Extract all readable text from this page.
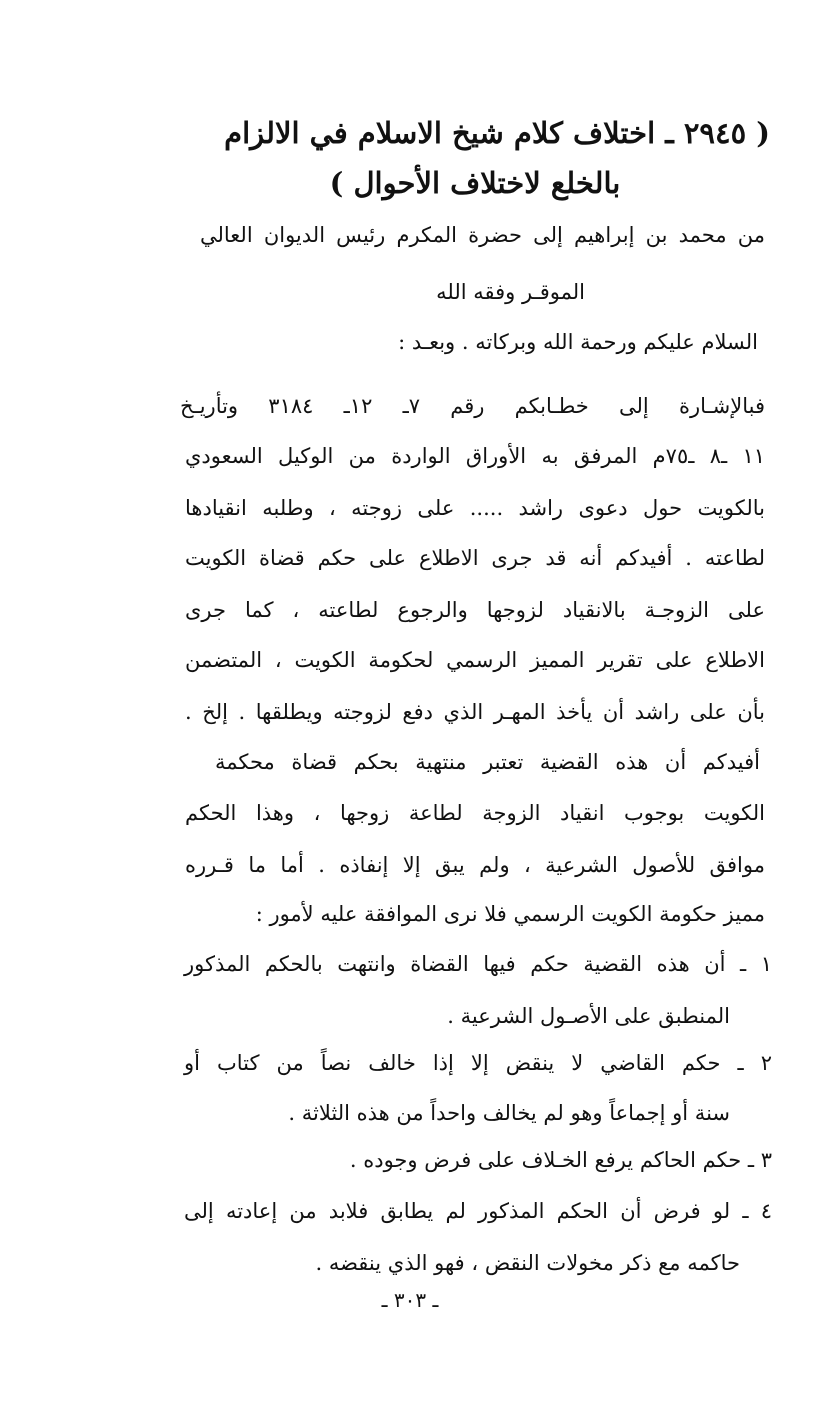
( ٢٩٤٥ ـ اختلاف كلام شيخ الاسلام في الالزام
بالخلع لاختلاف الأحوال )
من محمد بن إبراهيم إلى حضرة المكرم رئيس الديوان العالي
الموقـر وفقه الله
السلام عليكم ورحمة الله وبركاته . وبعـد :
فبالإشـارة إلى خطـابكم رقم ٧ـ ١٢ـ ٣١٨٤ وتأريـخ
١١ ـ٨ ـ٧٥م المرفق به الأوراق الواردة من الوكيل السعودي
بالكويت حول دعوى راشد ..... على زوجته ، وطلبه انقيادها
لطاعته . أفيدكم أنه قد جرى الاطلاع على حكم قضاة الكويت
على الزوجـة بالانقياد لزوجها والرجوع لطاعته ، كما جرى
الاطلاع على تقرير المميز الرسمي لحكومة الكويت ، المتضمن
بأن على راشد أن يأخذ المهـر الذي دفع لزوجته ويطلقها . إلخ .
أفيدكم أن هذه القضية تعتبر منتهية بحكم قضاة محكمة
الكويت بوجوب انقياد الزوجة لطاعة زوجها ، وهذا الحكم
موافق للأصول الشرعية ، ولم يبق إلا إنفاذه . أما ما قـرره
مميز حكومة الكويت الرسمي فلا نرى الموافقة عليه لأمور :
١ ـ أن هذه القضية حكم فيها القضاة وانتهت بالحكم المذكور
المنطبق على الأصـول الشرعية .
٢ ـ حكم القاضي لا ينقض إلا إذا خالف نصاً من كتاب أو
سنة أو إجماعاً وهو لم يخالف واحداً من هذه الثلاثة .
٣ ـ حكم الحاكم يرفع الخـلاف على فرض وجوده .
٤ ـ لو فرض أن الحكم المذكور لم يطابق فلابد من إعادته إلى
حاكمه مع ذكر مخولات النقض ، فهو الذي ينقضه .
ـ ٣٠٣ ـ
